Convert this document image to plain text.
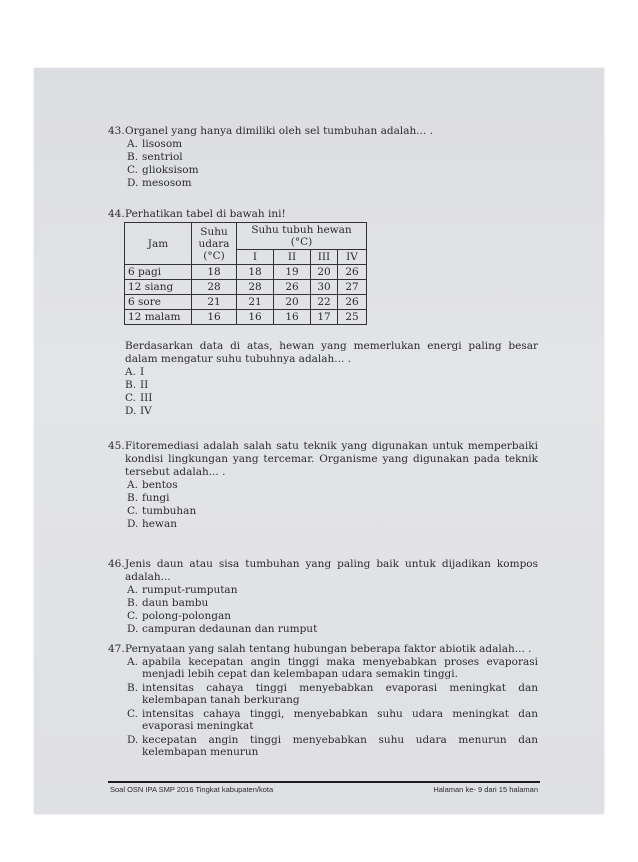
43. Organel yang hanya dimiliki oleh sel tumbuhan adalah... .
A. lisosom
B. sentriol
C. glioksisom
D. mesosom
44. Perhatikan tabel di bawah ini!
Jam	Suhu udara (°C)	Suhu tubuh hewan (°C)			
		I	II	III	IV
6 pagi	18	18	19	20	26
12 siang	28	28	26	30	27
6 sore	21	21	20	22	26
12 malam	16	16	16	17	25
Berdasarkan data di atas, hewan yang memerlukan energi paling besar dalam mengatur suhu tubuhnya adalah... .
A. I
B. II
C. III
D. IV
45. Fitoremediasi adalah salah satu teknik yang digunakan untuk memperbaiki kondisi lingkungan yang tercemar. Organisme yang digunakan pada teknik tersebut adalah... .
A. bentos
B. fungi
C. tumbuhan
D. hewan
46. Jenis daun atau sisa tumbuhan yang paling baik untuk dijadikan kompos adalah...
A. rumput-rumputan
B. daun bambu
C. polong-polongan
D. campuran dedaunan dan rumput
47. Pernyataan yang salah tentang hubungan beberapa faktor abiotik adalah... .
A. apabila kecepatan angin tinggi maka menyebabkan proses evaporasi menjadi lebih cepat dan kelembapan udara semakin tinggi.
B. intensitas cahaya tinggi menyebabkan evaporasi meningkat dan kelembapan tanah berkurang
C. intensitas cahaya tinggi, menyebabkan suhu udara meningkat dan evaporasi meningkat
D. kecepatan angin tinggi menyebabkan suhu udara menurun dan kelembapan menurun
Soal OSN IPA SMP 2016 Tingkat kabupaten/kota	Halaman ke- 9 dari 15 halaman
